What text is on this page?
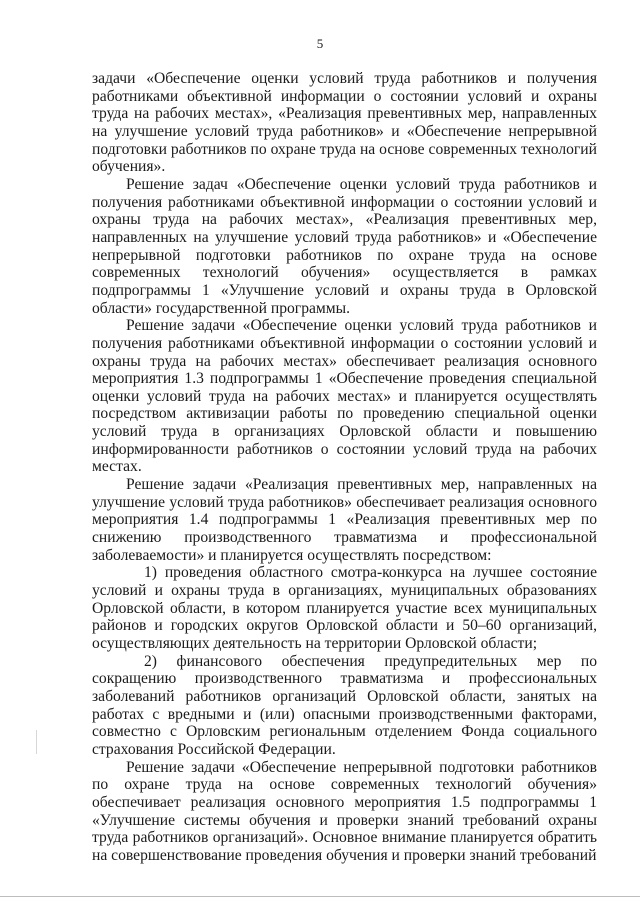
5

задачи «Обеспечение оценки условий труда работников и получения работниками объективной информации о состоянии условий и охраны труда на рабочих местах», «Реализация превентивных мер, направленных на улучшение условий труда работников» и «Обеспечение непрерывной подготовки работников по охране труда на основе современных технологий обучения».

Решение задач «Обеспечение оценки условий труда работников и получения работниками объективной информации о состоянии условий и охраны труда на рабочих местах», «Реализация превентивных мер, направленных на улучшение условий труда работников» и «Обеспечение непрерывной подготовки работников по охране труда на основе современных технологий обучения» осуществляется в рамках подпрограммы 1 «Улучшение условий и охраны труда в Орловской области» государственной программы.

Решение задачи «Обеспечение оценки условий труда работников и получения работниками объективной информации о состоянии условий и охраны труда на рабочих местах» обеспечивает реализация основного мероприятия 1.3 подпрограммы 1 «Обеспечение проведения специальной оценки условий труда на рабочих местах» и планируется осуществлять посредством активизации работы по проведению специальной оценки условий труда в организациях Орловской области и повышению информированности работников о состоянии условий труда на рабочих местах.

Решение задачи «Реализация превентивных мер, направленных на улучшение условий труда работников» обеспечивает реализация основного мероприятия 1.4 подпрограммы 1 «Реализация превентивных мер по снижению производственного травматизма и профессиональной заболеваемости» и планируется осуществлять посредством:

1) проведения областного смотра-конкурса на лучшее состояние условий и охраны труда в организациях, муниципальных образованиях Орловской области, в котором планируется участие всех муниципальных районов и городских округов Орловской области и 50–60 организаций, осуществляющих деятельность на территории Орловской области;

2) финансового обеспечения предупредительных мер по сокращению производственного травматизма и профессиональных заболеваний работников организаций Орловской области, занятых на работах с вредными и (или) опасными производственными факторами, совместно с Орловским региональным отделением Фонда социального страхования Российской Федерации.

Решение задачи «Обеспечение непрерывной подготовки работников по охране труда на основе современных технологий обучения» обеспечивает реализация основного мероприятия 1.5 подпрограммы 1 «Улучшение системы обучения и проверки знаний требований охраны труда работников организаций». Основное внимание планируется обратить на совершенствование проведения обучения и проверки знаний требований
